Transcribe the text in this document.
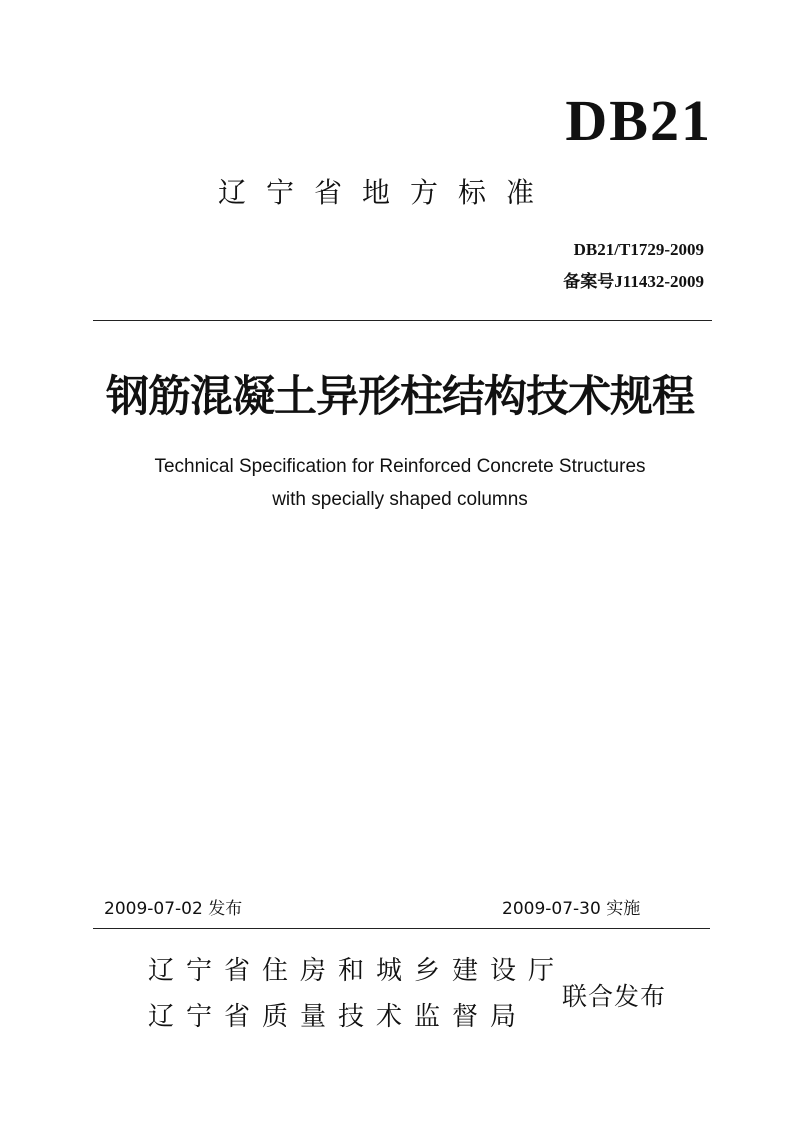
DB21
辽宁省地方标准
DB21/T1729-2009
备案号J11432-2009
钢筋混凝土异形柱结构技术规程
Technical Specification for Reinforced Concrete Structures
with specially shaped columns
2009-07-02 发布	2009-07-30 实施
辽宁省住房和城乡建设厅
辽宁省质量技术监督局
联合发布
